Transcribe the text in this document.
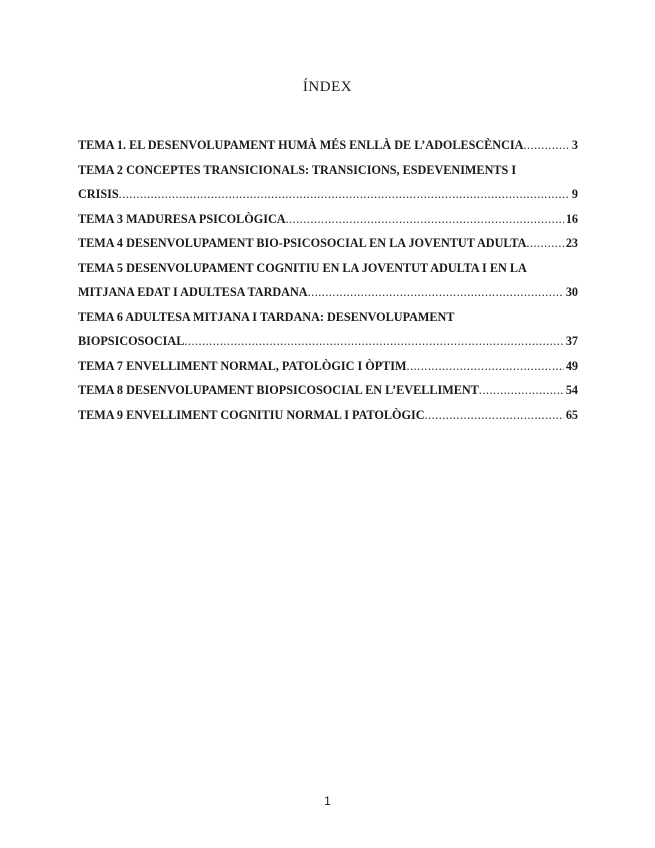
ÍNDEX
TEMA 1. EL DESENVOLUPAMENT HUMÀ MÉS ENLLÀ DE L’ADOLESCÈNCIA .....	3
TEMA 2 CONCEPTES TRANSICIONALS: TRANSICIONS, ESDEVENIMENTS I
CRISIS .....	9
TEMA 3 MADURESA PSICOLÒGICA .....	16
TEMA 4 DESENVOLUPAMENT BIO-PSICOSOCIAL EN LA JOVENTUT ADULTA .....	23
TEMA 5 DESENVOLUPAMENT COGNITIU EN LA JOVENTUT ADULTA I EN LA
MITJANA EDAT I ADULTESA TARDANA .....	30
TEMA 6 ADULTESA MITJANA I TARDANA: DESENVOLUPAMENT
BIOPSICOSOCIAL .....	37
TEMA 7 ENVELLIMENT NORMAL, PATOLÒGIC I ÒPTIM .....	49
TEMA 8 DESENVOLUPAMENT BIOPSICOSOCIAL EN L’EVELLIMENT .....	54
TEMA 9 ENVELLIMENT COGNITIU NORMAL I PATOLÒGIC .....	65
1
